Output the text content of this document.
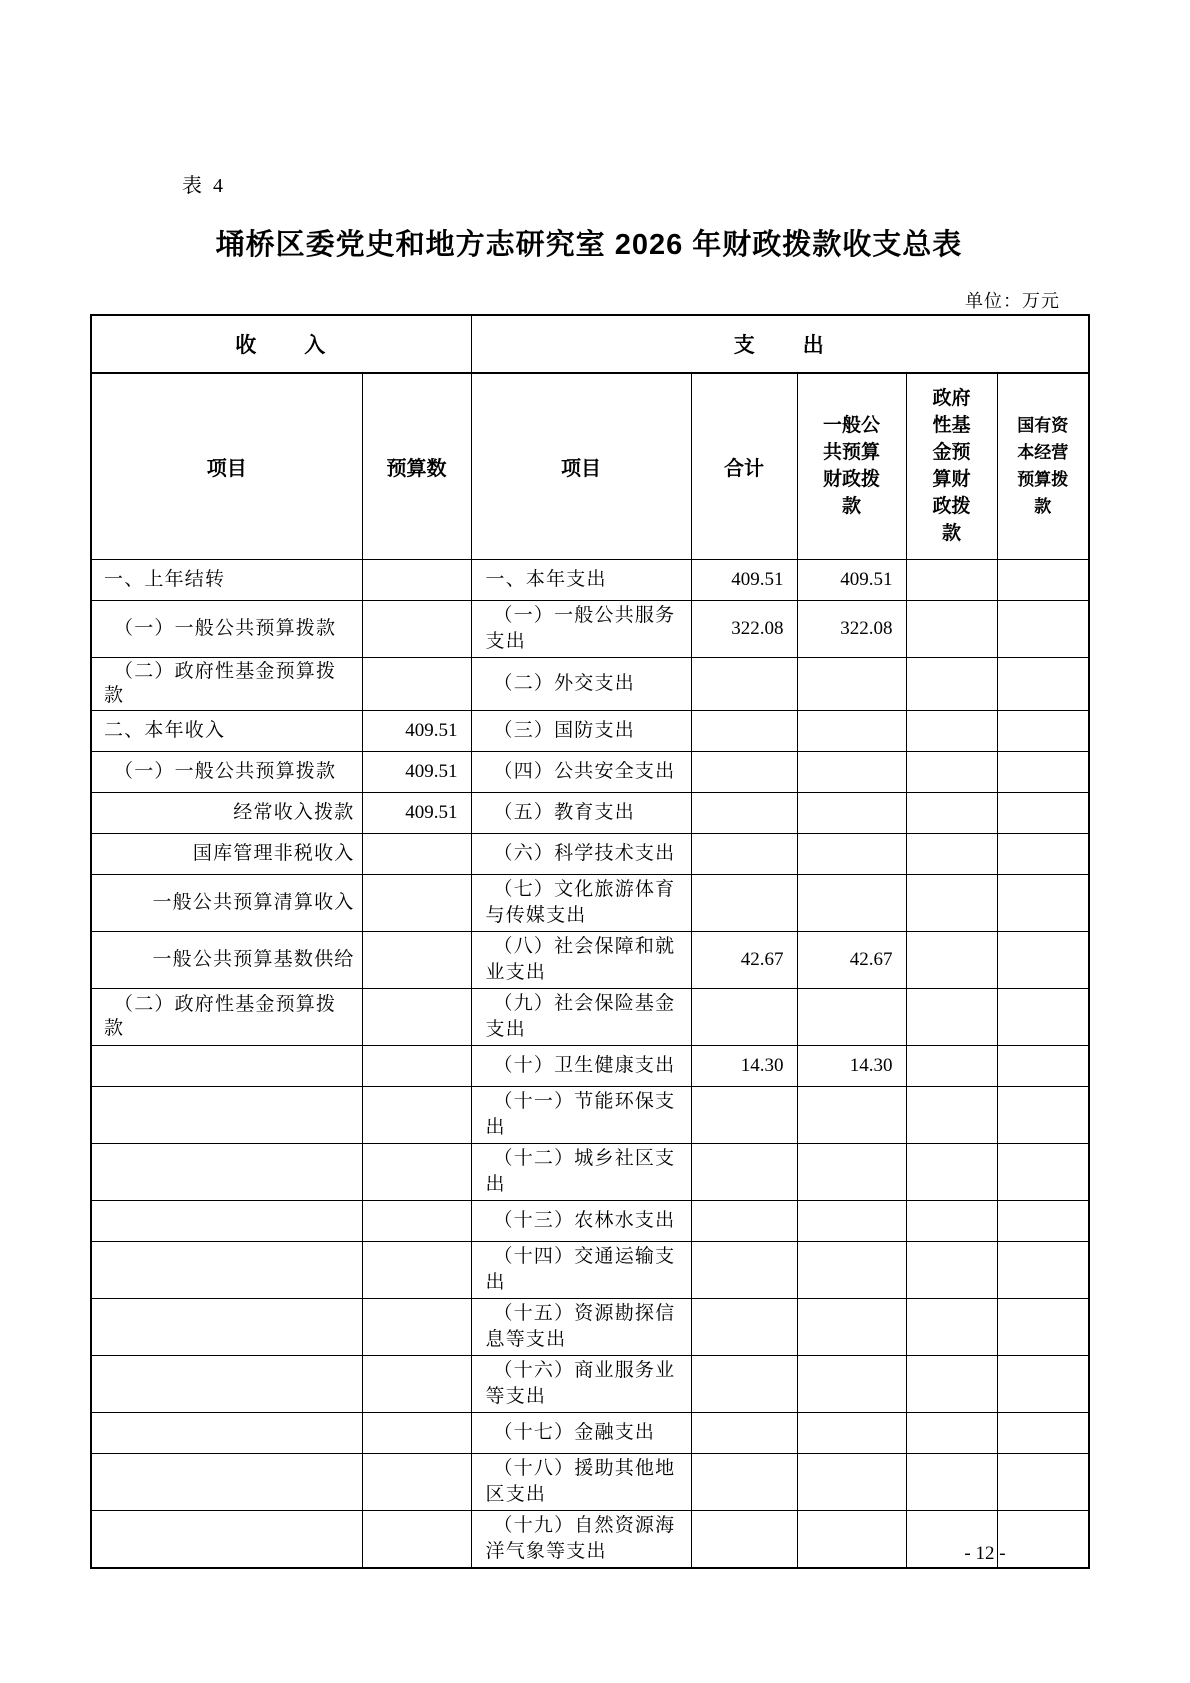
表 4
埇桥区委党史和地方志研究室 2026 年财政拨款收支总表
单位：万元
收　　入		支　　出				
项目	预算数	项目	合计	一般公共预算财政拨款	政府性基金预算财政拨款	国有资本经营预算拨款
一、上年结转		一、本年支出	409.51	409.51		
（一）一般公共预算拨款		（一）一般公共服务支出	322.08	322.08		
（二）政府性基金预算拨款		（二）外交支出				
二、本年收入	409.51	（三）国防支出				
（一）一般公共预算拨款	409.51	（四）公共安全支出				
经常收入拨款	409.51	（五）教育支出				
国库管理非税收入		（六）科学技术支出				
一般公共预算清算收入		（七）文化旅游体育与传媒支出				
一般公共预算基数供给		（八）社会保障和就业支出	42.67	42.67		
（二）政府性基金预算拨款		（九）社会保险基金支出				
		（十）卫生健康支出	14.30	14.30		
		（十一）节能环保支出				
		（十二）城乡社区支出				
		（十三）农林水支出				
		（十四）交通运输支出				
		（十五）资源勘探信息等支出				
		（十六）商业服务业等支出				
		（十七）金融支出				
		（十八）援助其他地区支出				
		（十九）自然资源海洋气象等支出					- 12 -
